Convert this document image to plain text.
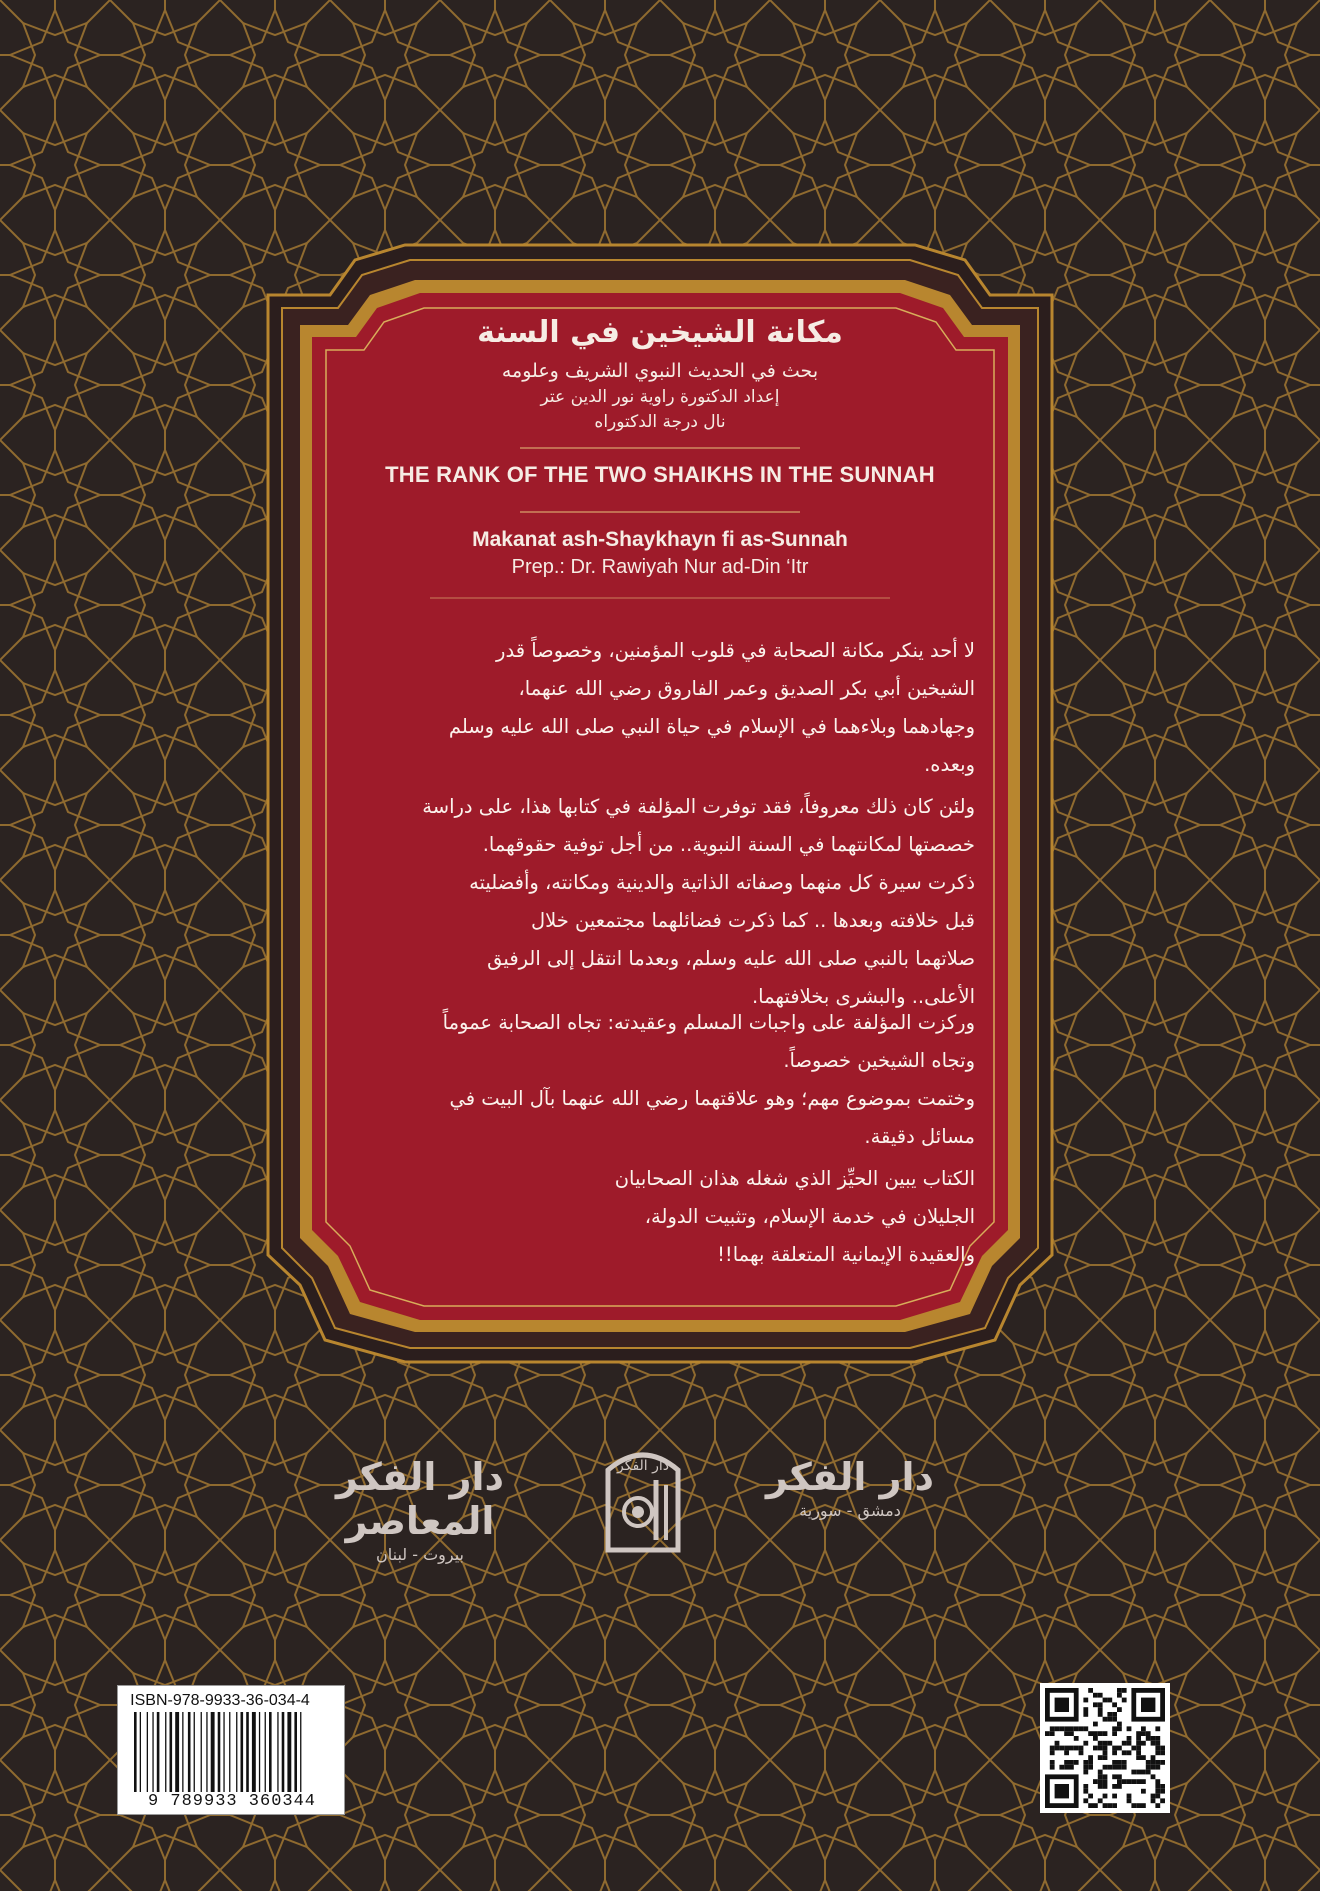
مكانة الشيخين في السنة
بحث في الحديث النبوي الشريف وعلومه
إعداد الدكتورة راوية نور الدين عتر
نال درجة الدكتوراه
THE RANK OF THE TWO SHAIKHS IN THE SUNNAH
Makanat ash-Shaykhayn fi as-Sunnah
Prep.: Dr. Rawiyah Nur ad-Din ‘Itr
لا أحد ينكر مكانة الصحابة في قلوب المؤمنين، وخصوصاً قدر
الشيخين أبي بكر الصديق وعمر الفاروق رضي الله عنهما،
وجهادهما وبلاءهما في الإسلام في حياة النبي صلى الله عليه وسلم
وبعده.
ولئن كان ذلك معروفاً، فقد توفرت المؤلفة في كتابها هذا، على دراسة
خصصتها لمكانتهما في السنة النبوية.. من أجل توفية حقوقهما.
ذكرت سيرة كل منهما وصفاته الذاتية والدينية ومكانته، وأفضليته
قبل خلافته وبعدها .. كما ذكرت فضائلهما مجتمعين خلال
صلاتهما بالنبي صلى الله عليه وسلم، وبعدما انتقل إلى الرفيق
الأعلى.. والبشرى بخلافتهما.
وركزت المؤلفة على واجبات المسلم وعقيدته: تجاه الصحابة عموماً
وتجاه الشيخين خصوصاً.
وختمت بموضوع مهم؛ وهو علاقتهما رضي الله عنهما بآل البيت في
مسائل دقيقة.
الكتاب يبين الحيِّز الذي شغله هذان الصحابيان
الجليلان في خدمة الإسلام، وتثبيت الدولة،
والعقيدة الإيمانية المتعلقة بهما!!
دار الفكر المعاصر
بيروت - لبنان
دار الفكر	دار الفكر
دمشق - سورية
ISBN-978-9933-36-034-4
9 789933 360344
